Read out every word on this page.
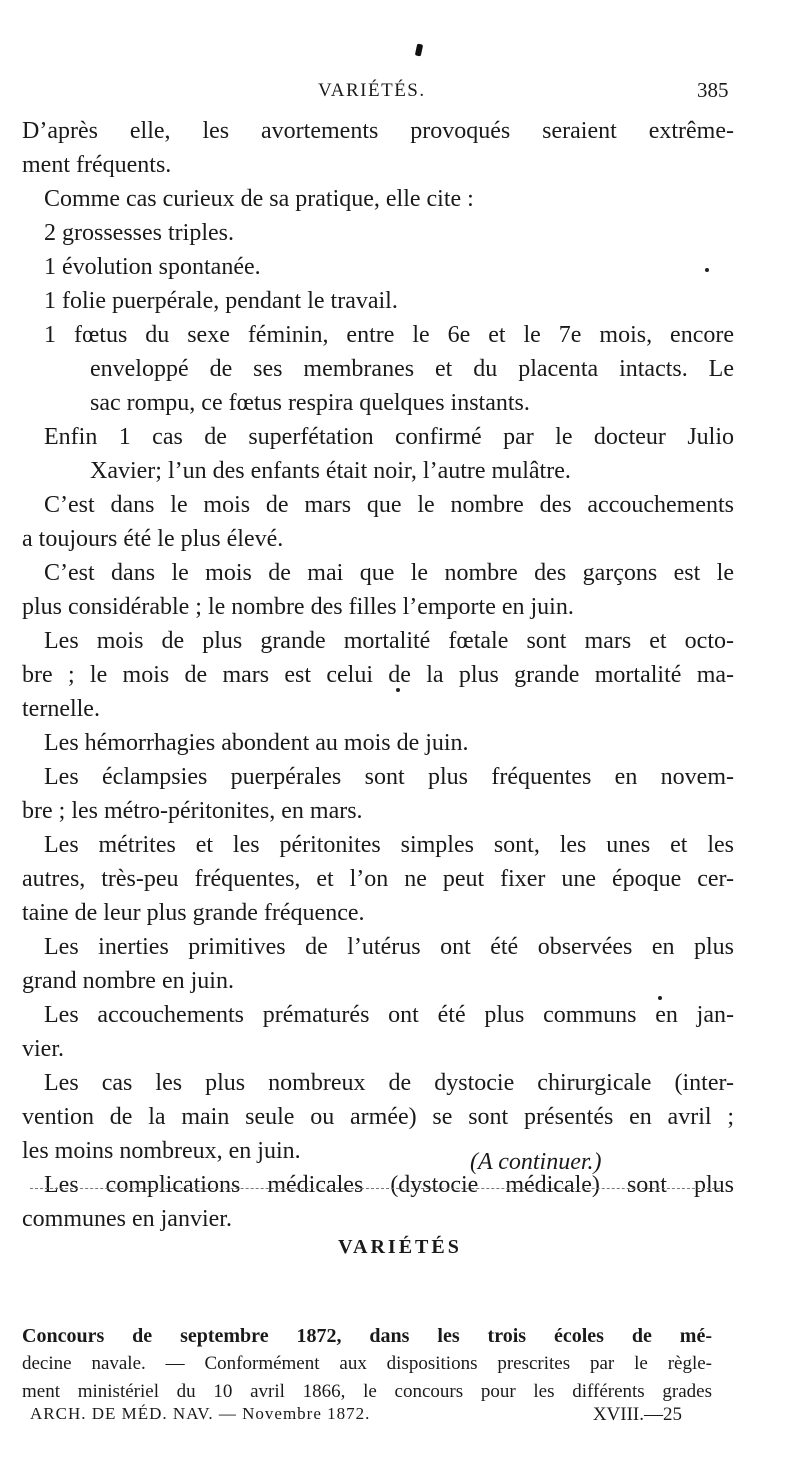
VARIÉTÉS.	385
D’après elle, les avortements provoqués seraient extrême-
ment fréquents.
Comme cas curieux de sa pratique, elle cite :
2 grossesses triples.
1 évolution spontanée.
1 folie puerpérale, pendant le travail.
1 fœtus du sexe féminin, entre le 6e et le 7e mois, encore
enveloppé de ses membranes et du placenta intacts. Le
sac rompu, ce fœtus respira quelques instants.
Enfin 1 cas de superfétation confirmé par le docteur Julio
Xavier; l’un des enfants était noir, l’autre mulâtre.
C’est dans le mois de mars que le nombre des accouchements
a toujours été le plus élevé.
C’est dans le mois de mai que le nombre des garçons est le
plus considérable ; le nombre des filles l’emporte en juin.
Les mois de plus grande mortalité fœtale sont mars et octo-
bre ; le mois de mars est celui de la plus grande mortalité ma-
ternelle.
Les hémorrhagies abondent au mois de juin.
Les éclampsies puerpérales sont plus fréquentes en novem-
bre ; les métro-péritonites, en mars.
Les métrites et les péritonites simples sont, les unes et les
autres, très-peu fréquentes, et l’on ne peut fixer une époque cer-
taine de leur plus grande fréquence.
Les inerties primitives de l’utérus ont été observées en plus
grand nombre en juin.
Les accouchements prématurés ont été plus communs en jan-
vier.
Les cas les plus nombreux de dystocie chirurgicale (inter-
vention de la main seule ou armée) se sont présentés en avril ;
les moins nombreux, en juin.
Les complications médicales (dystocie médicale) sont plus
communes en janvier.
(A continuer.)
VARIÉTÉS
Concours de septembre 1872, dans les trois écoles de mé-
decine navale. — Conformément aux dispositions prescrites par le règle-
ment ministériel du 10 avril 1866, le concours pour les différents grades
ARCH. DE MÉD. NAV. — Novembre 1872.	XVIII.—25
